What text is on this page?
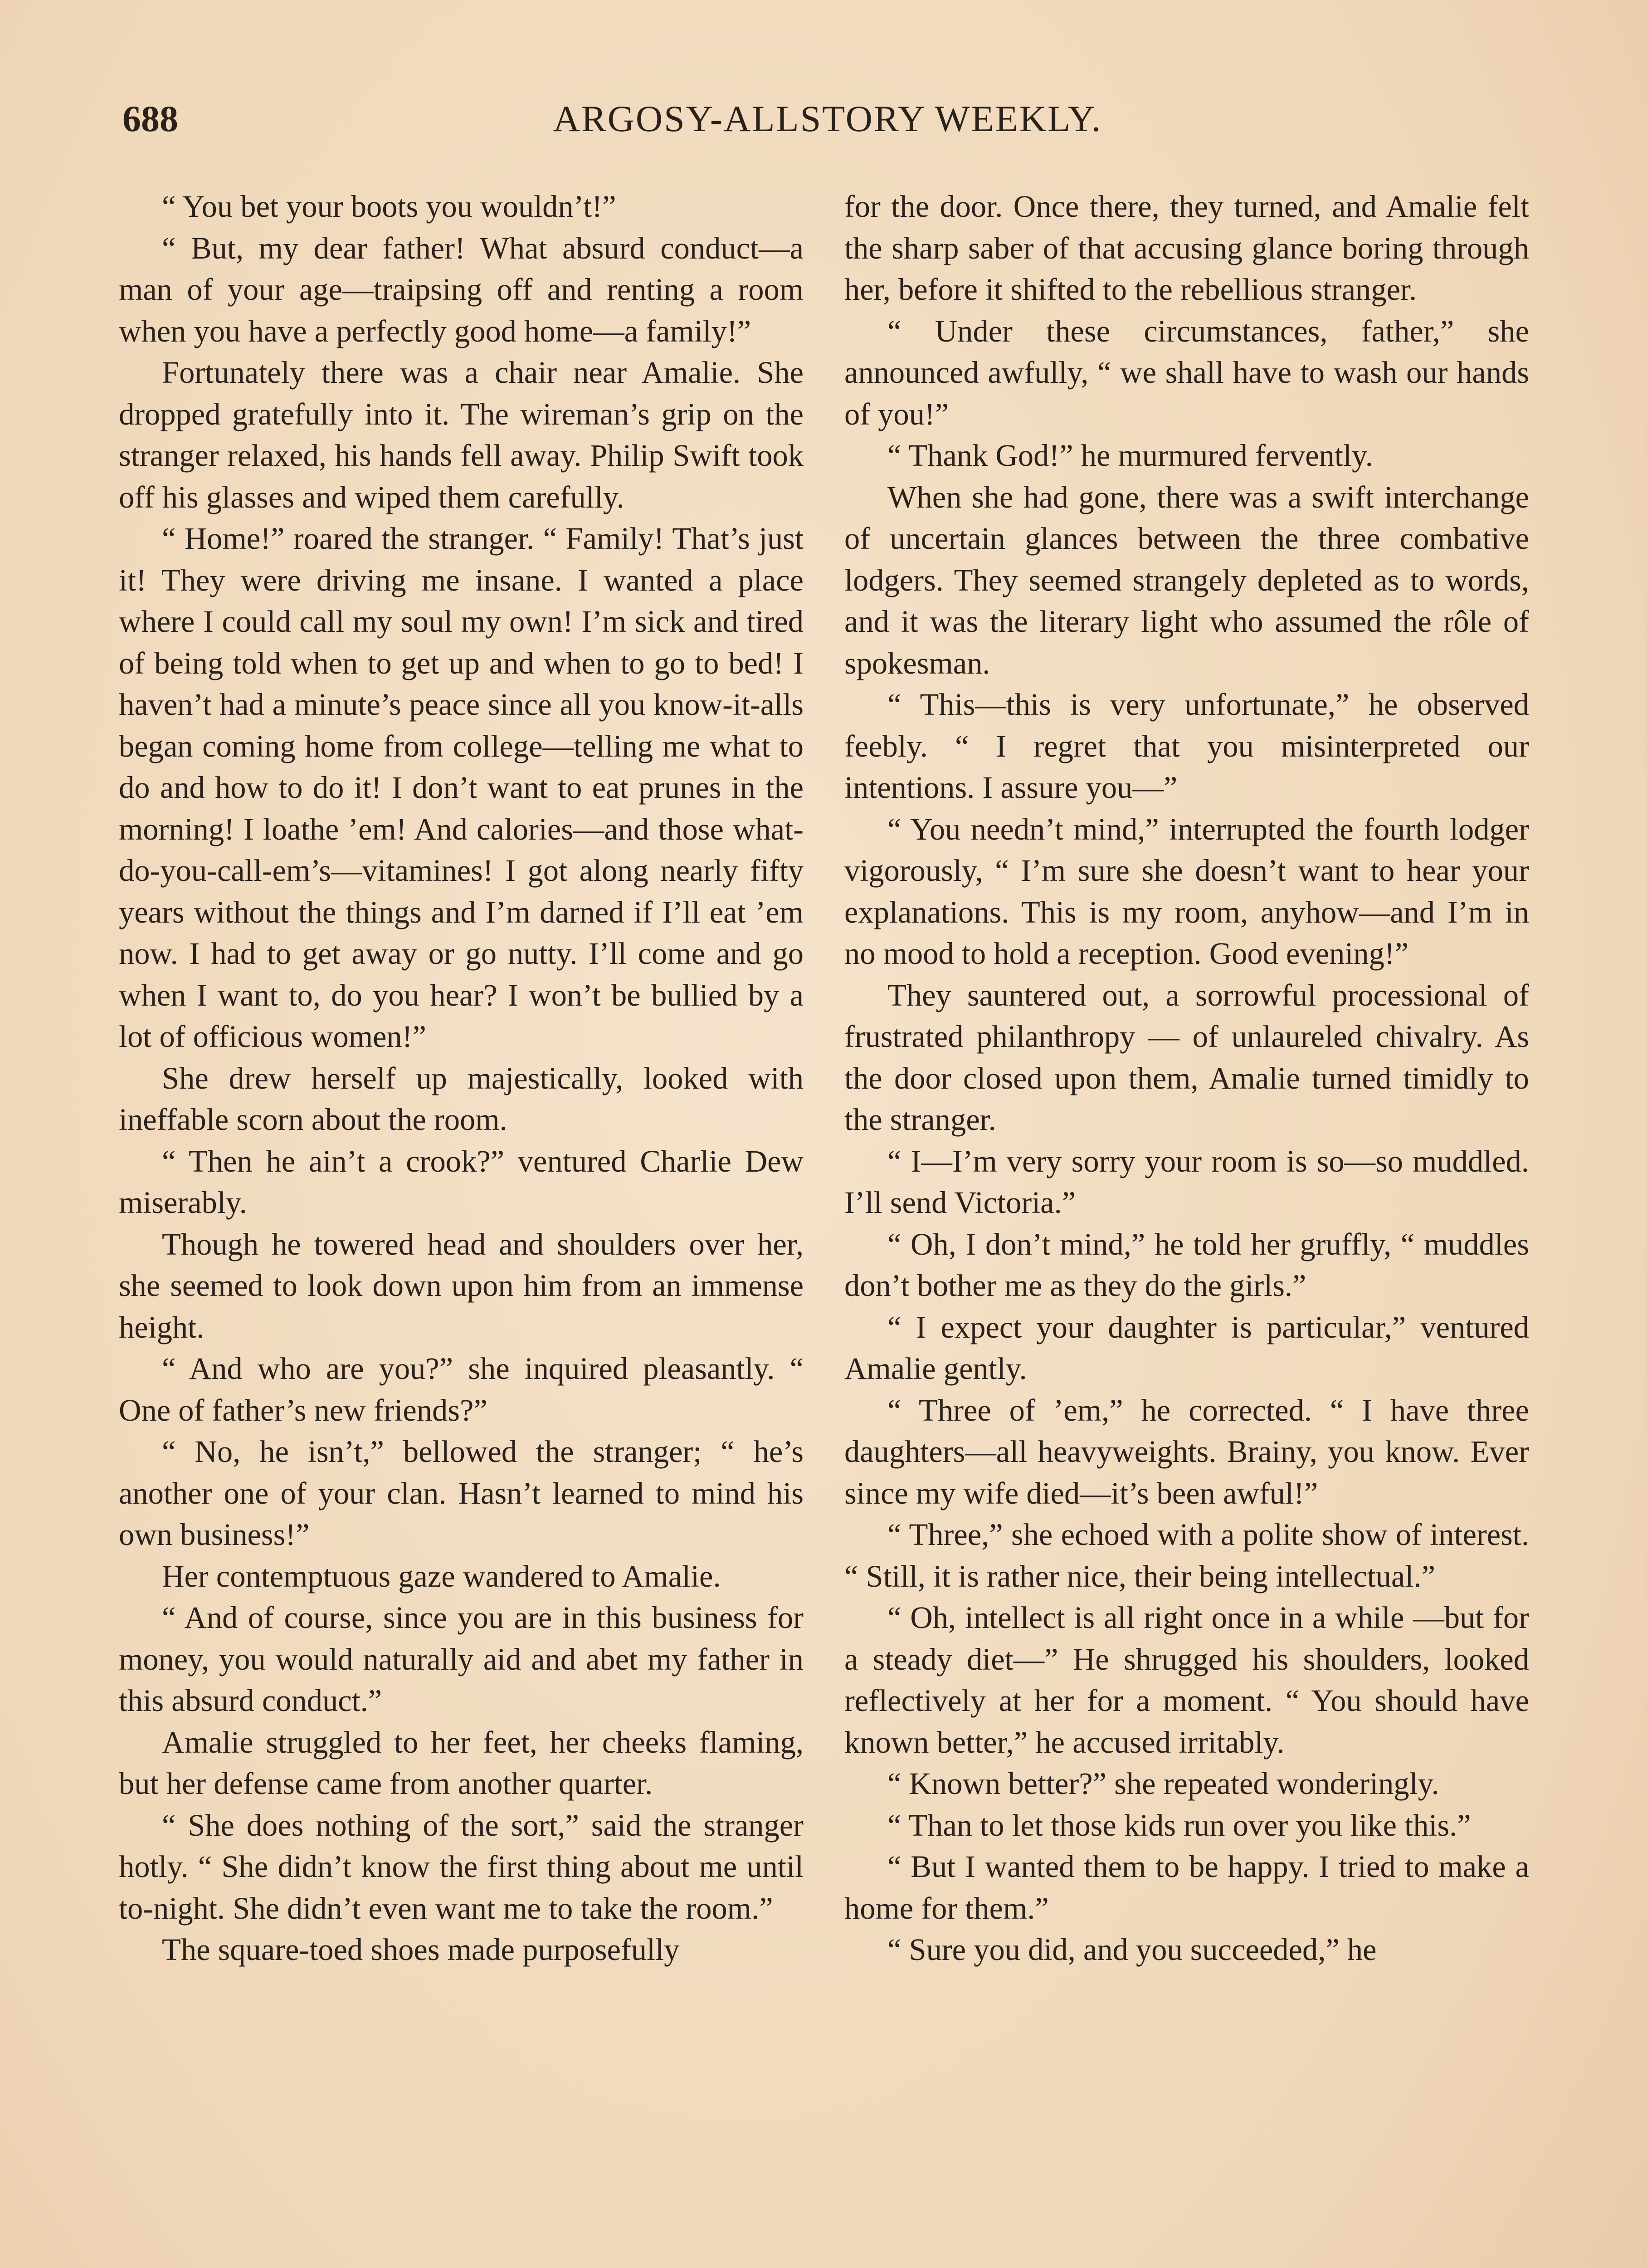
688	ARGOSY-ALLSTORY WEEKLY.

“ You bet your boots you wouldn’t!”

“ But, my dear father! What absurd conduct—a man of your age—traipsing off and renting a room when you have a perfectly good home—a family!”

Fortunately there was a chair near Amalie. She dropped gratefully into it. The wireman’s grip on the stranger relaxed, his hands fell away. Philip Swift took off his glasses and wiped them carefully.

“ Home!” roared the stranger. “ Family! That’s just it! They were driving me insane. I wanted a place where I could call my soul my own! I’m sick and tired of being told when to get up and when to go to bed! I haven’t had a minute’s peace since all you know-it-alls began coming home from college—telling me what to do and how to do it! I don’t want to eat prunes in the morning! I loathe ’em! And calories—and those what-do-you-call-em’s—vitamines! I got along nearly fifty years without the things and I’m darned if I’ll eat ’em now. I had to get away or go nutty. I’ll come and go when I want to, do you hear? I won’t be bullied by a lot of officious women!”

She drew herself up majestically, looked with ineffable scorn about the room.

“ Then he ain’t a crook?” ventured Charlie Dew miserably.

Though he towered head and shoulders over her, she seemed to look down upon him from an immense height.

“ And who are you?” she inquired pleasantly. “ One of father’s new friends?”

“ No, he isn’t,” bellowed the stranger; “ he’s another one of your clan. Hasn’t learned to mind his own business!”

Her contemptuous gaze wandered to Amalie.

“ And of course, since you are in this business for money, you would naturally aid and abet my father in this absurd conduct.”

Amalie struggled to her feet, her cheeks flaming, but her defense came from another quarter.

“ She does nothing of the sort,” said the stranger hotly. “ She didn’t know the first thing about me until to-night. She didn’t even want me to take the room.”

The square-toed shoes made purposefully

for the door. Once there, they turned, and Amalie felt the sharp saber of that accusing glance boring through her, before it shifted to the rebellious stranger.

“ Under these circumstances, father,” she announced awfully, “ we shall have to wash our hands of you!”

“ Thank God!” he murmured fervently.

When she had gone, there was a swift interchange of uncertain glances between the three combative lodgers. They seemed strangely depleted as to words, and it was the literary light who assumed the rôle of spokesman.

“ This—this is very unfortunate,” he observed feebly. “ I regret that you misinterpreted our intentions. I assure you—”

“ You needn’t mind,” interrupted the fourth lodger vigorously, “ I’m sure she doesn’t want to hear your explanations. This is my room, anyhow—and I’m in no mood to hold a reception. Good evening!”

They sauntered out, a sorrowful processional of frustrated philanthropy — of unlaureled chivalry. As the door closed upon them, Amalie turned timidly to the stranger.

“ I—I’m very sorry your room is so—so muddled. I’ll send Victoria.”

“ Oh, I don’t mind,” he told her gruffly, “ muddles don’t bother me as they do the girls.”

“ I expect your daughter is particular,” ventured Amalie gently.

“ Three of ’em,” he corrected. “ I have three daughters—all heavyweights. Brainy, you know. Ever since my wife died—it’s been awful!”

“ Three,” she echoed with a polite show of interest. “ Still, it is rather nice, their being intellectual.”

“ Oh, intellect is all right once in a while —but for a steady diet—” He shrugged his shoulders, looked reflectively at her for a moment. “ You should have known better,” he accused irritably.

“ Known better?” she repeated wonderingly.

“ Than to let those kids run over you like this.”

“ But I wanted them to be happy. I tried to make a home for them.”

“ Sure you did, and you succeeded,” he
